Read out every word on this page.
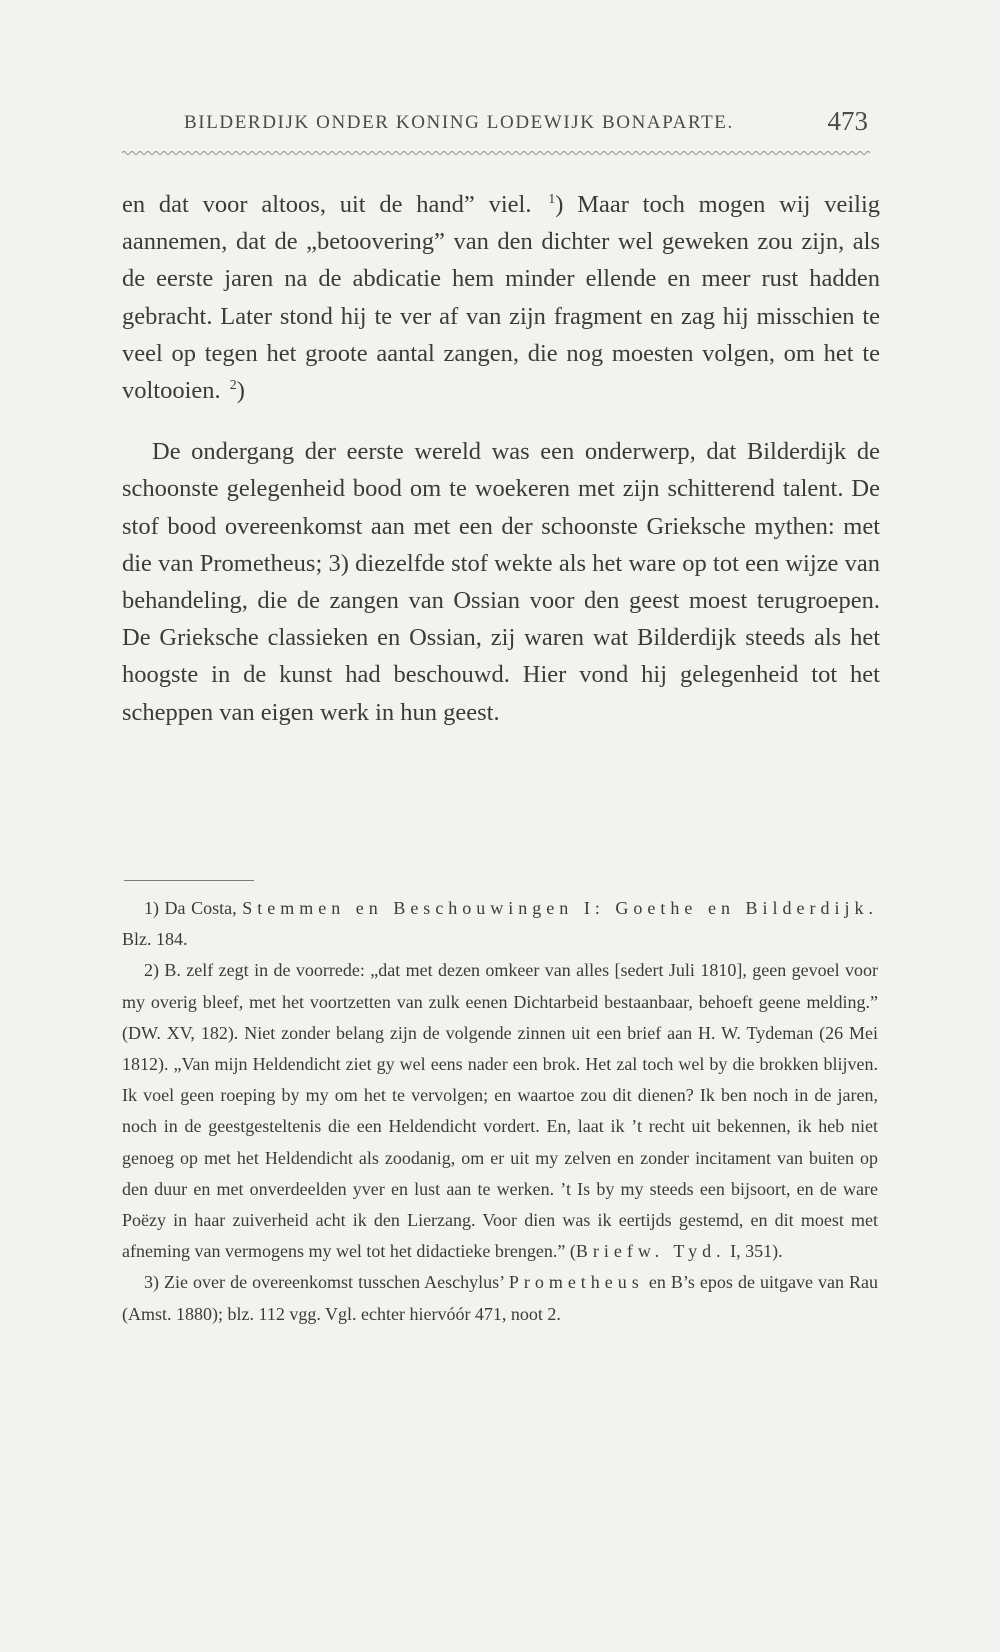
BILDERDIJK ONDER KONING LODEWIJK BONAPARTE.	473

en dat voor altoos, uit de hand” viel. $^1$) Maar toch mogen wij veilig aannemen, dat de „betoovering” van den dichter wel geweken zou zijn, als de eerste jaren na de abdicatie hem minder ellende en meer rust hadden gebracht. Later stond hij te ver af van zijn fragment en zag hij misschien te veel op tegen het groote aantal zangen, die nog moesten volgen, om het te voltooien. $^2$)

De ondergang der eerste wereld was een onderwerp, dat Bilderdijk de schoonste gelegenheid bood om te woekeren met zijn schitterend talent. De stof bood overeenkomst aan met een der schoonste Grieksche mythen: met die van Prometheus; 3) diezelfde stof wekte als het ware op tot een wijze van behandeling, die de zangen van Ossian voor den geest moest terugroepen. De Grieksche classieken en Ossian, zij waren wat Bilderdijk steeds als het hoogste in de kunst had beschouwd. Hier vond hij gelegenheid tot het scheppen van eigen werk in hun geest.

1) Da Costa, Stemmen en Beschouwingen I: Goethe en Bilderdijk. Blz. 184.

2) B. zelf zegt in de voorrede: „dat met dezen omkeer van alles [sedert Juli 1810], geen gevoel voor my overig bleef, met het voortzetten van zulk eenen Dichtarbeid bestaanbaar, behoeft geene melding.” (DW. XV, 182). Niet zonder belang zijn de volgende zinnen uit een brief aan H. W. Tydeman (26 Mei 1812). „Van mijn Heldendicht ziet gy wel eens nader een brok. Het zal toch wel by die brokken blijven. Ik voel geen roeping by my om het te vervolgen; en waartoe zou dit dienen? Ik ben noch in de jaren, noch in de geestgesteltenis die een Heldendicht vordert. En, laat ik ’t recht uit bekennen, ik heb niet genoeg op met het Heldendicht als zoodanig, om er uit my zelven en zonder incitament van buiten op den duur en met onverdeelden yver en lust aan te werken. ’t Is by my steeds een bijsoort, en de ware Poëzy in haar zuiverheid acht ik den Lierzang. Voor dien was ik eertijds gestemd, en dit moest met afneming van vermogens my wel tot het didactieke brengen.” (Briefw. Tyd. I, 351).

3) Zie over de overeenkomst tusschen Aeschylus’ Prometheus en B’s epos de uitgave van Rau (Amst. 1880); blz. 112 vgg. Vgl. echter hiervóór 471, noot 2.
